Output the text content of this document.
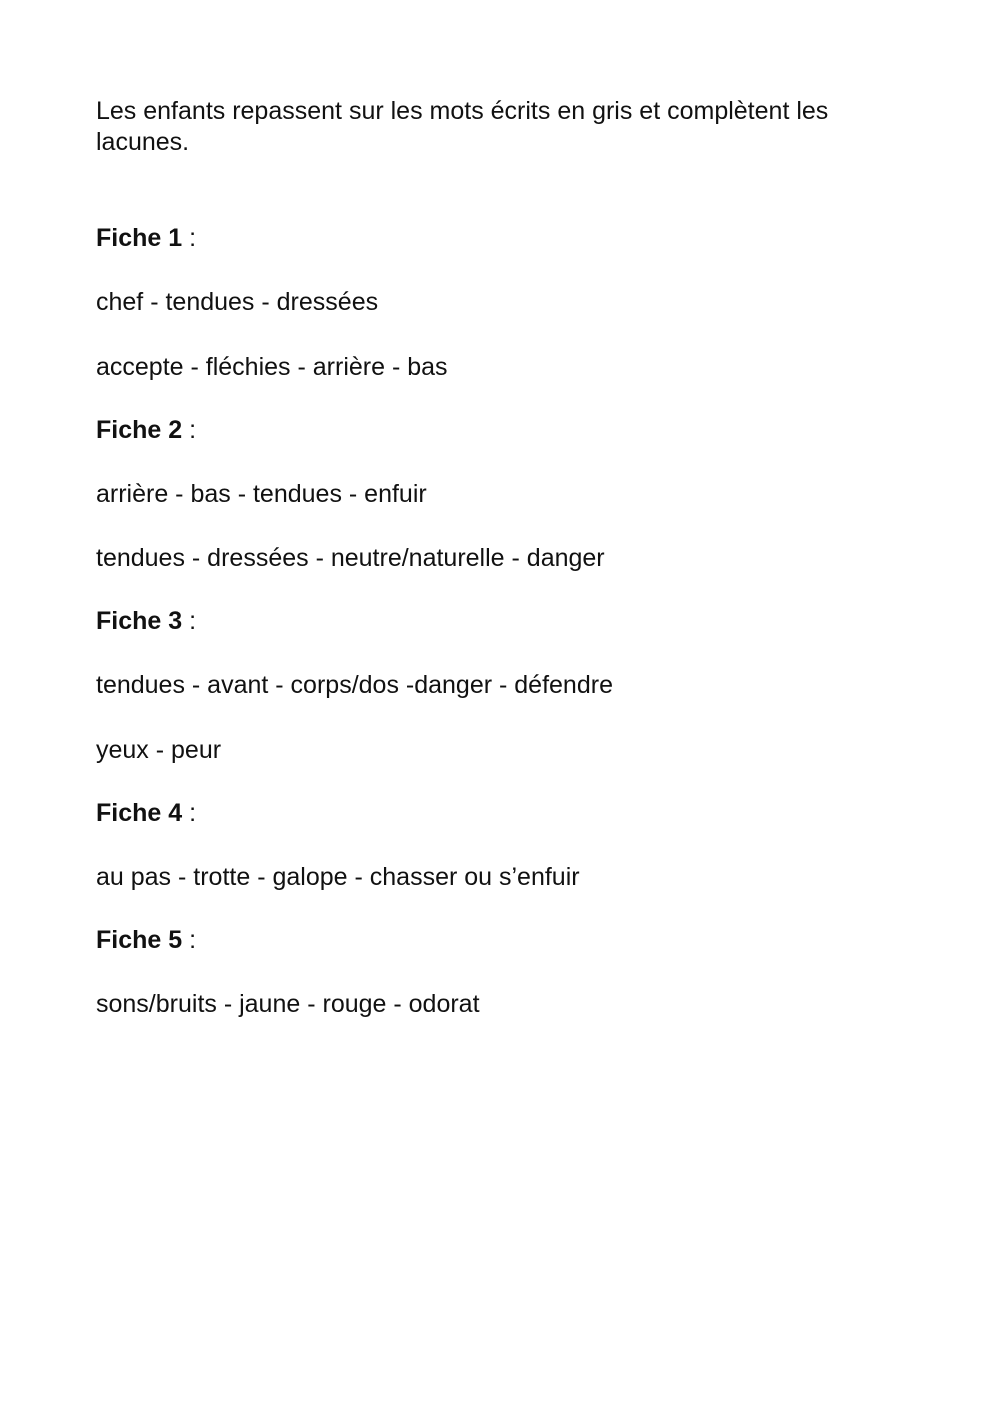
Les enfants repassent sur les mots écrits en gris et complètent les lacunes.
Fiche 1 :
chef - tendues - dressées
accepte - fléchies - arrière - bas
Fiche 2 :
arrière - bas - tendues - enfuir
tendues - dressées - neutre/naturelle - danger
Fiche 3 :
tendues - avant - corps/dos -danger - défendre
yeux - peur
Fiche 4 :
au pas - trotte - galope - chasser ou s’enfuir
Fiche 5 :
sons/bruits - jaune - rouge - odorat
